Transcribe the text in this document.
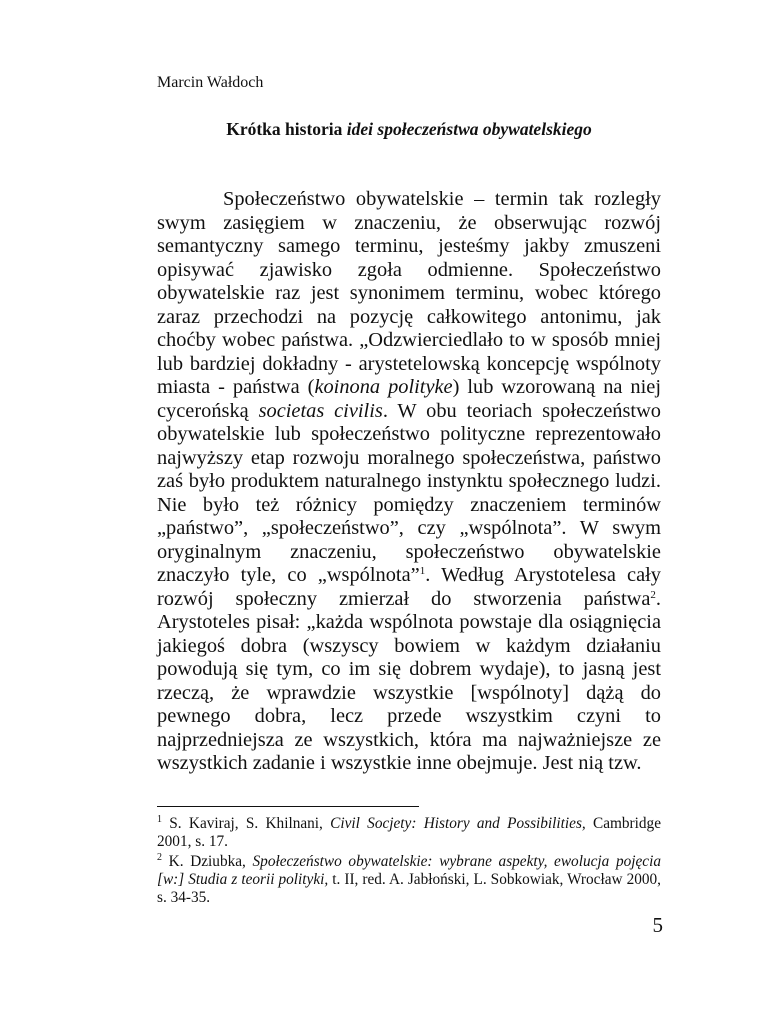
Marcin Wałdoch
Krótka historia idei społeczeństwa obywatelskiego

Społeczeństwo obywatelskie – termin tak rozległy swym zasięgiem w znaczeniu, że obserwując rozwój semantyczny samego terminu, jesteśmy jakby zmuszeni opisywać zjawisko zgoła odmienne. Społeczeństwo obywatelskie raz jest synonimem terminu, wobec którego zaraz przechodzi na pozycję całkowitego antonimu, jak choćby wobec państwa. „Odzwierciedlało to w sposób mniej lub bardziej dokładny - arystetelowską koncepcję wspólnoty miasta - państwa (koinona polityke) lub wzorowaną na niej cycerońską societas civilis. W obu teoriach społeczeństwo obywatelskie lub społeczeństwo polityczne reprezentowało najwyższy etap rozwoju moralnego społeczeństwa, państwo zaś było produktem naturalnego instynktu społecznego ludzi. Nie było też różnicy pomiędzy znaczeniem terminów „państwo”, „społeczeństwo”, czy „wspólnota”. W swym oryginalnym znaczeniu, społeczeństwo obywatelskie znaczyło tyle, co „wspólnota”$^1$. Według Arystotelesa cały rozwój społeczny zmierzał do stworzenia państwa$^2$. Arystoteles pisał: „każda wspólnota powstaje dla osiągnięcia jakiegoś dobra (wszyscy bowiem w każdym działaniu powodują się tym, co im się dobrem wydaje), to jasną jest rzeczą, że wprawdzie wszystkie [wspólnoty] dążą do pewnego dobra, lecz przede wszystkim czyni to najprzedniejsza ze wszystkich, która ma najważniejsze ze wszystkich zadanie i wszystkie inne obejmuje. Jest nią tzw.

$^1$ S. Kaviraj, S. Khilnani, Civil Socjety: History and Possibilities, Cambridge 2001, s. 17.
$^2$ K. Dziubka, Społeczeństwo obywatelskie: wybrane aspekty, ewolucja pojęcia [w:] Studia z teorii polityki, t. II, red. A. Jabłoński, L. Sobkowiak, Wrocław 2000, s. 34-35.
5
